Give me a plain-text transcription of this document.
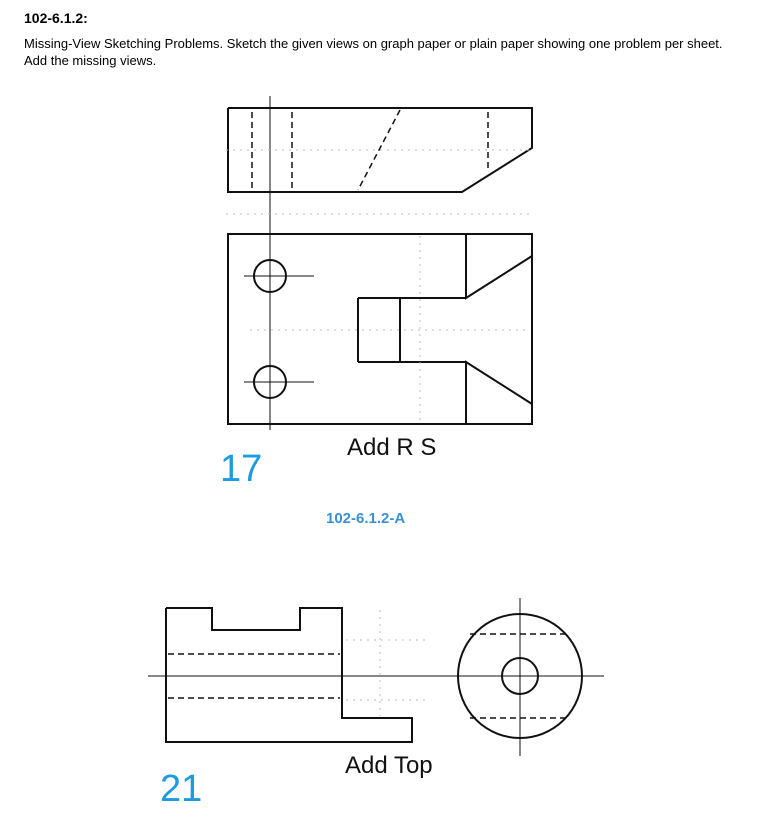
102-6.1.2:
Missing-View Sketching Problems. Sketch the given views on graph paper or plain paper showing one problem per sheet. Add the missing views.
Add R S
17
102-6.1.2-A
Add Top
21
